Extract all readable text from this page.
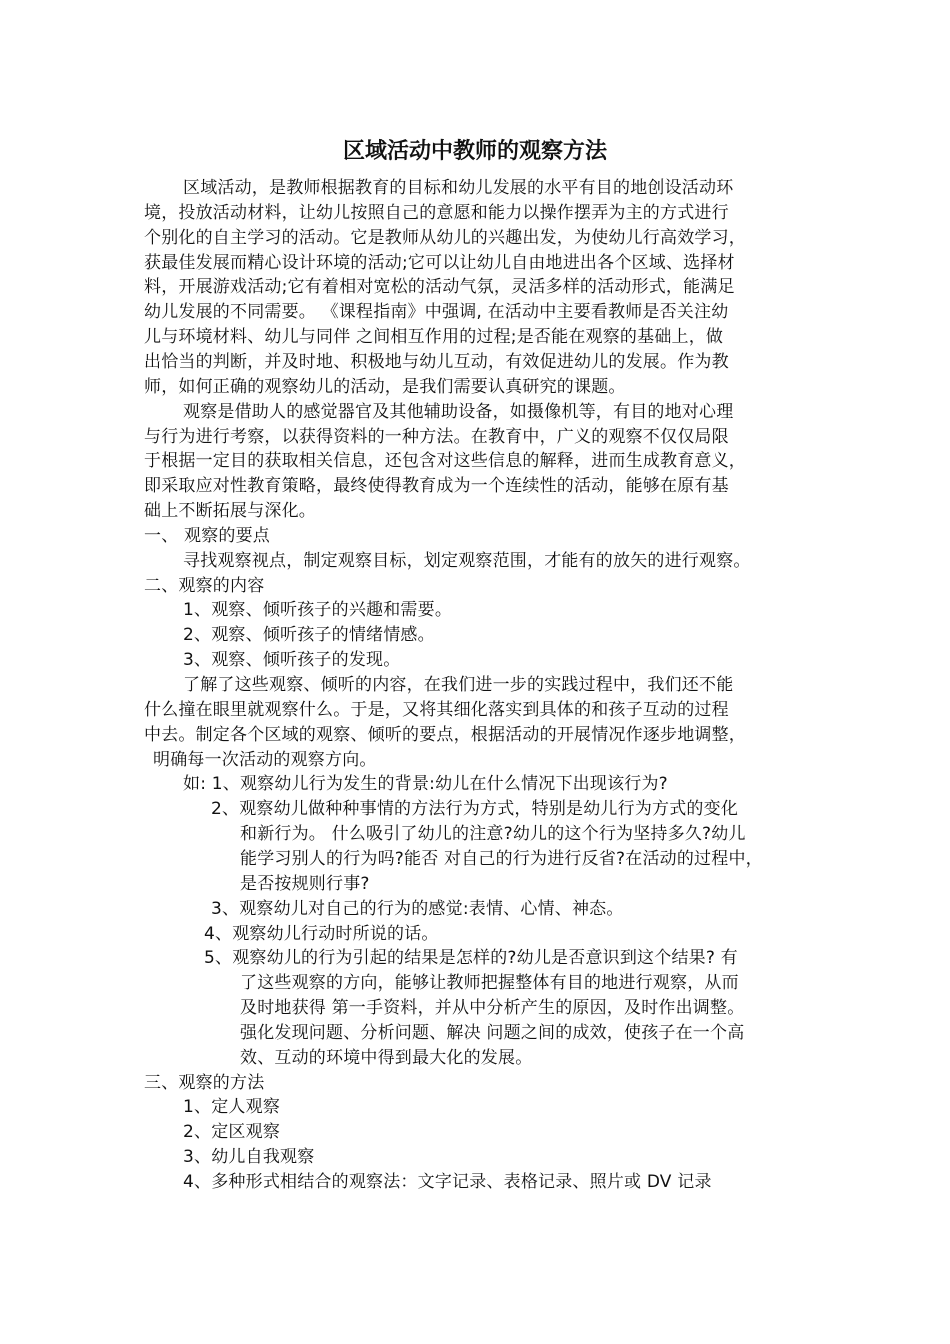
区域活动中教师的观察方法
区域活动，是教师根据教育的目标和幼儿发展的水平有目的地创设活动环
境，投放活动材料，让幼儿按照自己的意愿和能力以操作摆弄为主的方式进行
个别化的自主学习的活动。它是教师从幼儿的兴趣出发，为使幼儿行高效学习，
获最佳发展而精心设计环境的活动;它可以让幼儿自由地进出各个区域、选择材
料，开展游戏活动;它有着相对宽松的活动气氛，灵活多样的活动形式，能满足
幼儿发展的不同需要。 《课程指南》中强调, 在活动中主要看教师是否关注幼
儿与环境材料、幼儿与同伴 之间相互作用的过程;是否能在观察的基础上，做
出恰当的判断，并及时地、积极地与幼儿互动，有效促进幼儿的发展。作为教
师，如何正确的观察幼儿的活动，是我们需要认真研究的课题。
观察是借助人的感觉器官及其他辅助设备，如摄像机等，有目的地对心理
与行为进行考察，以获得资料的一种方法。在教育中，广义的观察不仅仅局限
于根据一定目的获取相关信息，还包含对这些信息的解释，进而生成教育意义，
即采取应对性教育策略，最终使得教育成为一个连续性的活动，能够在原有基
础上不断拓展与深化。
一、 观察的要点
寻找观察视点，制定观察目标，划定观察范围，才能有的放矢的进行观察。
二、观察的内容
1、观察、倾听孩子的兴趣和需要。
2、观察、倾听孩子的情绪情感。
3、观察、倾听孩子的发现。
了解了这些观察、倾听的内容，在我们进一步的实践过程中，我们还不能
什么撞在眼里就观察什么。于是，又将其细化落实到具体的和孩子互动的过程
中去。制定各个区域的观察、倾听的要点，根据活动的开展情况作逐步地调整，
明确每一次活动的观察方向。
如: 1、观察幼儿行为发生的背景:幼儿在什么情况下出现该行为?
2、观察幼儿做种种事情的方法行为方式，特别是幼儿行为方式的变化
和新行为。 什么吸引了幼儿的注意?幼儿的这个行为坚持多久?幼儿
能学习别人的行为吗?能否 对自己的行为进行反省?在活动的过程中，
是否按规则行事?
3、观察幼儿对自己的行为的感觉:表情、心情、神态。
4、观察幼儿行动时所说的话。
5、观察幼儿的行为引起的结果是怎样的?幼儿是否意识到这个结果? 有
了这些观察的方向，能够让教师把握整体有目的地进行观察，从而
及时地获得 第一手资料，并从中分析产生的原因，及时作出调整。
强化发现问题、分析问题、解决 问题之间的成效，使孩子在一个高
效、互动的环境中得到最大化的发展。
三、观察的方法
1、定人观察
2、定区观察
3、幼儿自我观察
4、多种形式相结合的观察法：文字记录、表格记录、照片或 DV 记录
